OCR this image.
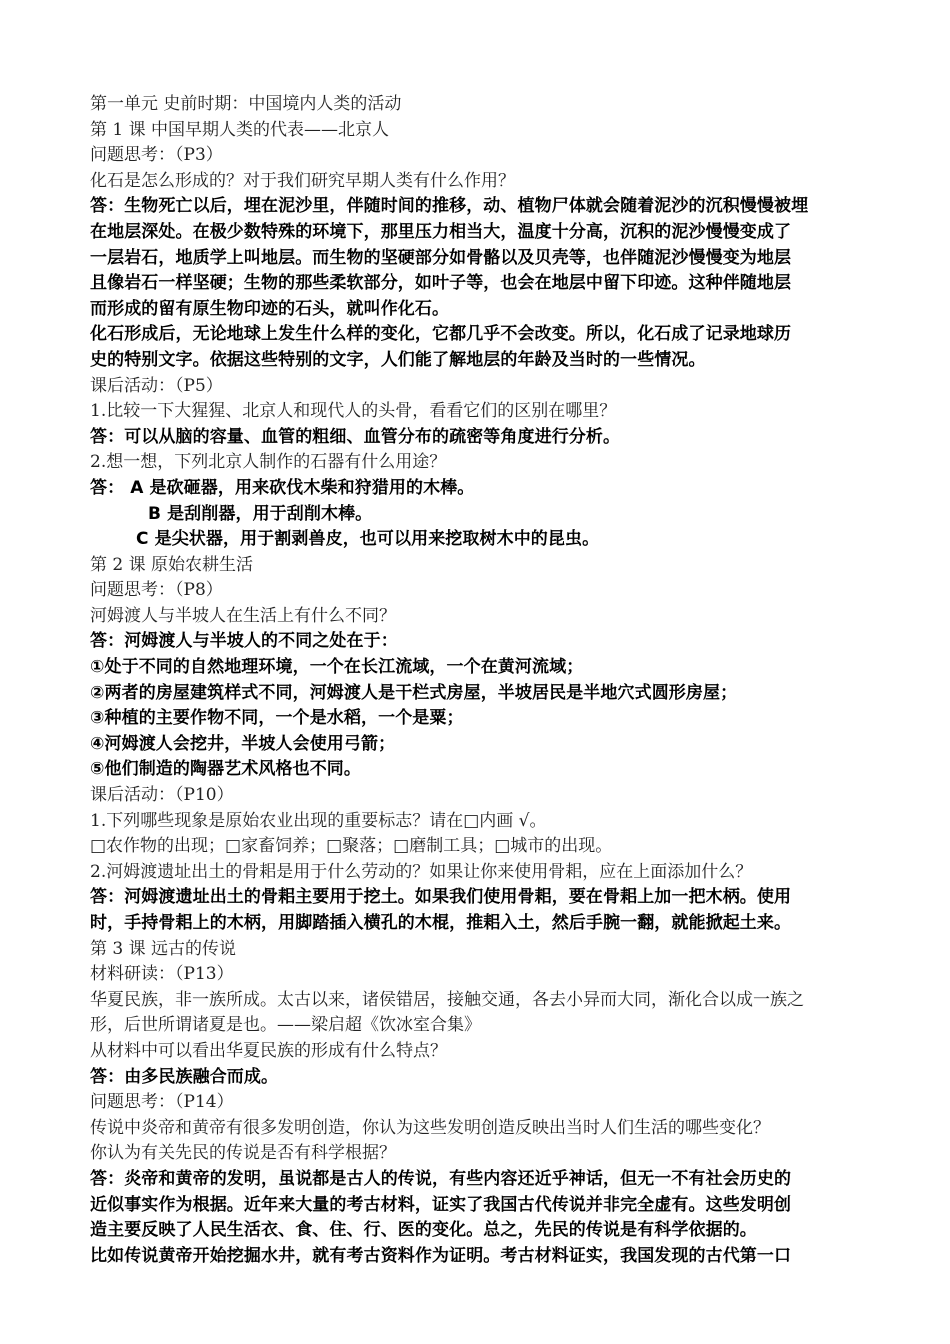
第一单元 史前时期：中国境内人类的活动
第 1 课 中国早期人类的代表——北京人
问题思考：（P3）
化石是怎么形成的？对于我们研究早期人类有什么作用？
答：生物死亡以后，埋在泥沙里，伴随时间的推移，动、植物尸体就会随着泥沙的沉积慢慢被埋
在地层深处。在极少数特殊的环境下，那里压力相当大，温度十分高，沉积的泥沙慢慢变成了
一层岩石，地质学上叫地层。而生物的坚硬部分如骨骼以及贝壳等，也伴随泥沙慢慢变为地层
且像岩石一样坚硬；生物的那些柔软部分，如叶子等，也会在地层中留下印迹。这种伴随地层
而形成的留有原生物印迹的石头，就叫作化石。
化石形成后，无论地球上发生什么样的变化，它都几乎不会改变。所以，化石成了记录地球历
史的特别文字。依据这些特别的文字，人们能了解地层的年龄及当时的一些情况。
课后活动：（P5）
1.比较一下大猩猩、北京人和现代人的头骨，看看它们的区别在哪里？
答：可以从脑的容量、血管的粗细、血管分布的疏密等角度进行分析。
2.想一想，下列北京人制作的石器有什么用途？
答： A 是砍砸器，用来砍伐木柴和狩猎用的木棒。
B 是刮削器，用于刮削木棒。
C 是尖状器，用于割剥兽皮，也可以用来挖取树木中的昆虫。
第 2 课 原始农耕生活
问题思考：（P8）
河姆渡人与半坡人在生活上有什么不同？
答：河姆渡人与半坡人的不同之处在于：
①处于不同的自然地理环境，一个在长江流域，一个在黄河流域；
②两者的房屋建筑样式不同，河姆渡人是干栏式房屋，半坡居民是半地穴式圆形房屋；
③种植的主要作物不同，一个是水稻，一个是粟；
④河姆渡人会挖井，半坡人会使用弓箭；
⑤他们制造的陶器艺术风格也不同。
课后活动：（P10）
1.下列哪些现象是原始农业出现的重要标志？请在□内画 √。
□农作物的出现；□家畜饲养；□聚落；□磨制工具；□城市的出现。
2.河姆渡遗址出土的骨耜是用于什么劳动的？如果让你来使用骨耜，应在上面添加什么？
答：河姆渡遗址出土的骨耜主要用于挖土。如果我们使用骨耜，要在骨耜上加一把木柄。使用
时，手持骨耜上的木柄，用脚踏插入横孔的木棍，推耜入土，然后手腕一翻，就能掀起土来。
第 3 课 远古的传说
材料研读：（P13）
华夏民族，非一族所成。太古以来，诸侯错居，接触交通，各去小异而大同，渐化合以成一族之
形，后世所谓诸夏是也。——梁启超《饮冰室合集》
从材料中可以看出华夏民族的形成有什么特点？
答：由多民族融合而成。
问题思考：（P14）
传说中炎帝和黄帝有很多发明创造，你认为这些发明创造反映出当时人们生活的哪些变化？
你认为有关先民的传说是否有科学根据？
答：炎帝和黄帝的发明，虽说都是古人的传说，有些内容还近乎神话，但无一不有社会历史的
近似事实作为根据。近年来大量的考古材料，证实了我国古代传说并非完全虚有。这些发明创
造主要反映了人民生活衣、食、住、行、医的变化。总之，先民的传说是有科学依据的。
比如传说黄帝开始挖掘水井，就有考古资料作为证明。考古材料证实，我国发现的古代第一口
